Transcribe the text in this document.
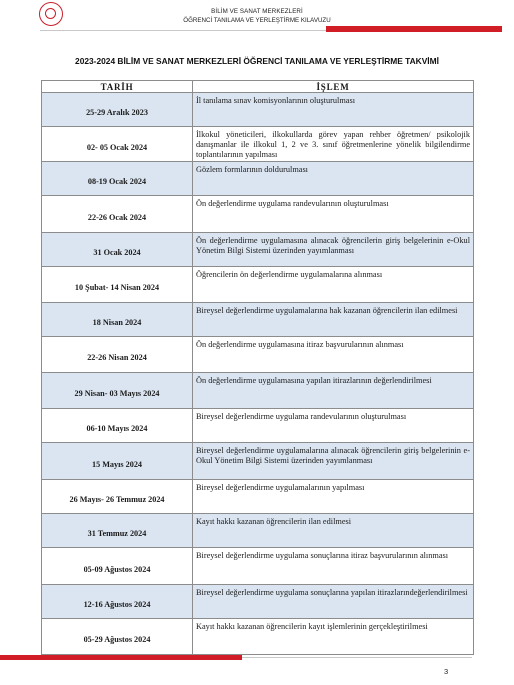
BİLİM VE SANAT MERKEZLERİ
ÖĞRENCİ TANILAMA VE YERLEŞTİRME KILAVUZU
2023-2024 BİLİM VE SANAT MERKEZLERİ ÖĞRENCİ TANILAMA VE YERLEŞTİRME TAKVİMİ
TARİH	İŞLEM
25-29 Aralık 2023	İl tanılama sınav komisyonlarının oluşturulması
02- 05 Ocak 2024	İlkokul yöneticileri, ilkokullarda görev yapan rehber öğretmen/ psikolojik danışmanlar ile ilkokul 1, 2 ve 3. sınıf öğretmenlerine yönelik bilgilendirme toplantılarının yapılması
08-19 Ocak 2024	Gözlem formlarının doldurulması
22-26 Ocak 2024	Ön değerlendirme uygulama randevularının oluşturulması
31 Ocak 2024	Ön değerlendirme uygulamasına alınacak öğrencilerin giriş belgelerinin e-Okul Yönetim Bilgi Sistemi üzerinden yayımlanması
10 Şubat- 14 Nisan 2024	Öğrencilerin ön değerlendirme uygulamalarına alınması
18 Nisan 2024	Bireysel değerlendirme uygulamalarına hak kazanan öğrencilerin ilan edilmesi
22-26 Nisan 2024	Ön değerlendirme uygulamasına itiraz başvurularının alınması
29 Nisan- 03 Mayıs 2024	Ön değerlendirme uygulamasına yapılan itirazlarının değerlendirilmesi
06-10 Mayıs 2024	Bireysel değerlendirme uygulama randevularının oluşturulması
15 Mayıs 2024	Bireysel değerlendirme uygulamalarına alınacak öğrencilerin giriş belgelerinin e-Okul Yönetim Bilgi Sistemi üzerinden yayımlanması
26 Mayıs- 26 Temmuz 2024	Bireysel değerlendirme uygulamalarının yapılması
31 Temmuz 2024	Kayıt hakkı kazanan öğrencilerin ilan edilmesi
05-09 Ağustos 2024	Bireysel değerlendirme uygulama sonuçlarına itiraz başvurularının alınması
12-16 Ağustos 2024	Bireysel değerlendirme uygulama sonuçlarına yapılan itirazlarındeğerlendirilmesi
05-29 Ağustos 2024	Kayıt hakkı kazanan öğrencilerin kayıt işlemlerinin gerçekleştirilmesi
3
